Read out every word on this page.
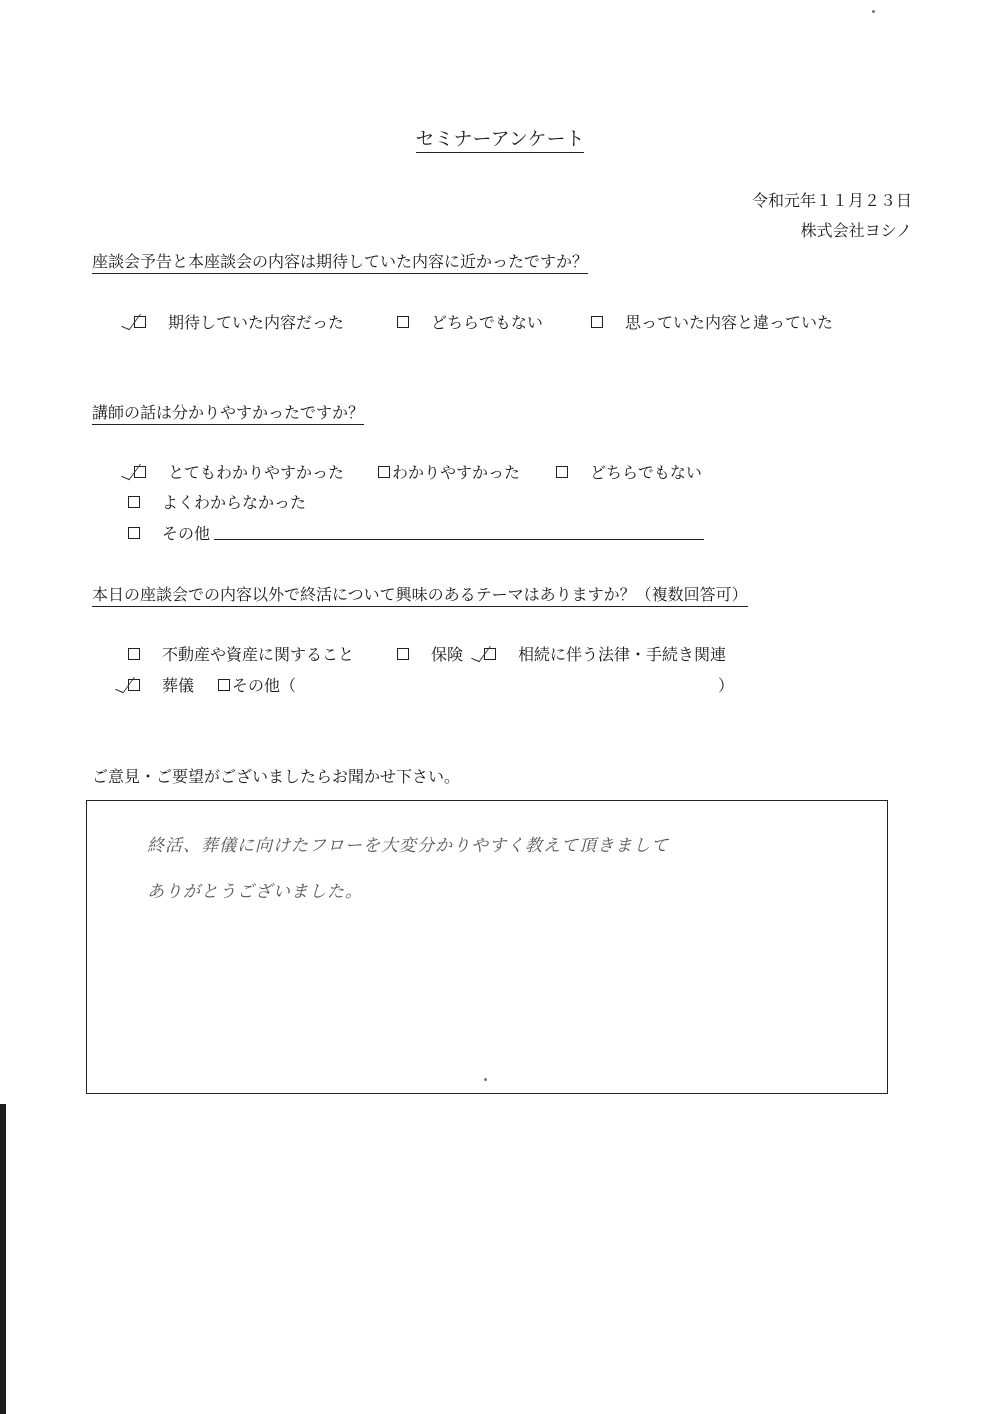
セミナーアンケート
令和元年１１月２３日
株式会社ヨシノ
座談会予告と本座談会の内容は期待していた内容に近かったですか？
期待していた内容だった	どちらでもない	思っていた内容と違っていた
講師の話は分かりやすかったですか？
とてもわかりやすかった	わかりやすかった	どちらでもない
よくわからなかった
その他
本日の座談会での内容以外で終活について興味のあるテーマはありますか？（複数回答可）
不動産や資産に関すること	保険	相続に伴う法律・手続き関連
葬儀 その他（	）
ご意見・ご要望がございましたらお聞かせ下さい。
終活、葬儀に向けたフローを大変分かりやすく教えて頂きまして
ありがとうございました。
